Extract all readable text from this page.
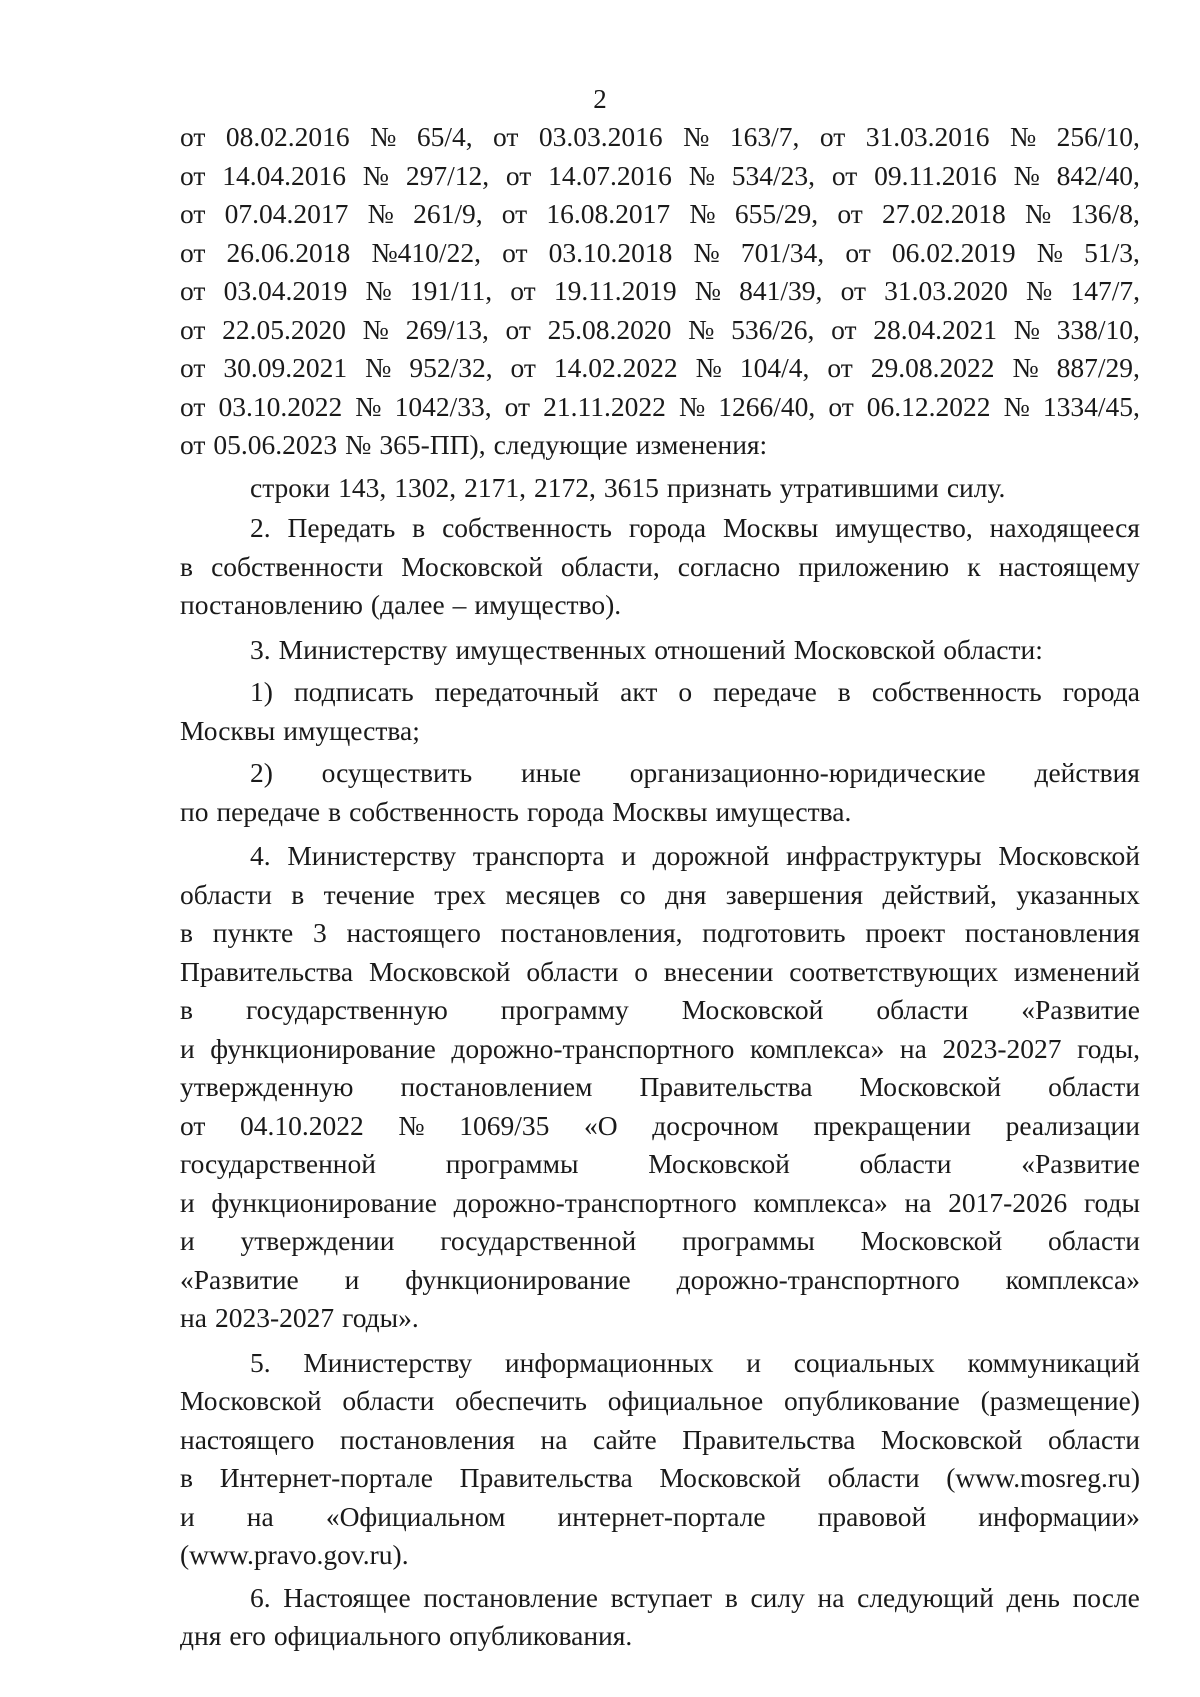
2
от 08.02.2016 № 65/4, от 03.03.2016 № 163/7, от 31.03.2016 № 256/10,
от 14.04.2016 № 297/12, от 14.07.2016 № 534/23, от 09.11.2016 № 842/40,
от 07.04.2017 № 261/9, от 16.08.2017 № 655/29, от 27.02.2018 № 136/8,
от 26.06.2018 №410/22, от 03.10.2018 № 701/34, от 06.02.2019 № 51/3,
от 03.04.2019 № 191/11, от 19.11.2019 № 841/39, от 31.03.2020 № 147/7,
от 22.05.2020 № 269/13, от 25.08.2020 № 536/26, от 28.04.2021 № 338/10,
от 30.09.2021 № 952/32, от 14.02.2022 № 104/4, от 29.08.2022 № 887/29,
от 03.10.2022 № 1042/33, от 21.11.2022 № 1266/40, от 06.12.2022 № 1334/45,
от 05.06.2023 № 365-ПП), следующие изменения:
строки 143, 1302, 2171, 2172, 3615 признать утратившими силу.
2. Передать в собственность города Москвы имущество, находящееся
в собственности Московской области, согласно приложению к настоящему
постановлению (далее – имущество).
3. Министерству имущественных отношений Московской области:
1) подписать передаточный акт о передаче в собственность города
Москвы имущества;
2) осуществить иные организационно-юридические действия
по передаче в собственность города Москвы имущества.
4. Министерству транспорта и дорожной инфраструктуры Московской
области в течение трех месяцев со дня завершения действий, указанных
в пункте 3 настоящего постановления, подготовить проект постановления
Правительства Московской области о внесении соответствующих изменений
в государственную программу Московской области «Развитие
и функционирование дорожно-транспортного комплекса» на 2023-2027 годы,
утвержденную постановлением Правительства Московской области
от 04.10.2022 № 1069/35 «О досрочном прекращении реализации
государственной	программы	Московской	области	«Развитие
и функционирование дорожно-транспортного комплекса» на 2017-2026 годы
и утверждении государственной программы Московской области
«Развитие и функционирование дорожно-транспортного комплекса»
на 2023-2027 годы».
5. Министерству информационных и социальных коммуникаций
Московской области обеспечить официальное опубликование (размещение)
настоящего постановления на сайте Правительства Московской области
в Интернет-портале Правительства Московской области (www.mosreg.ru)
и на «Официальном интернет-портале правовой информации»
(www.pravo.gov.ru).
6. Настоящее постановление вступает в силу на следующий день после
дня его официального опубликования.
